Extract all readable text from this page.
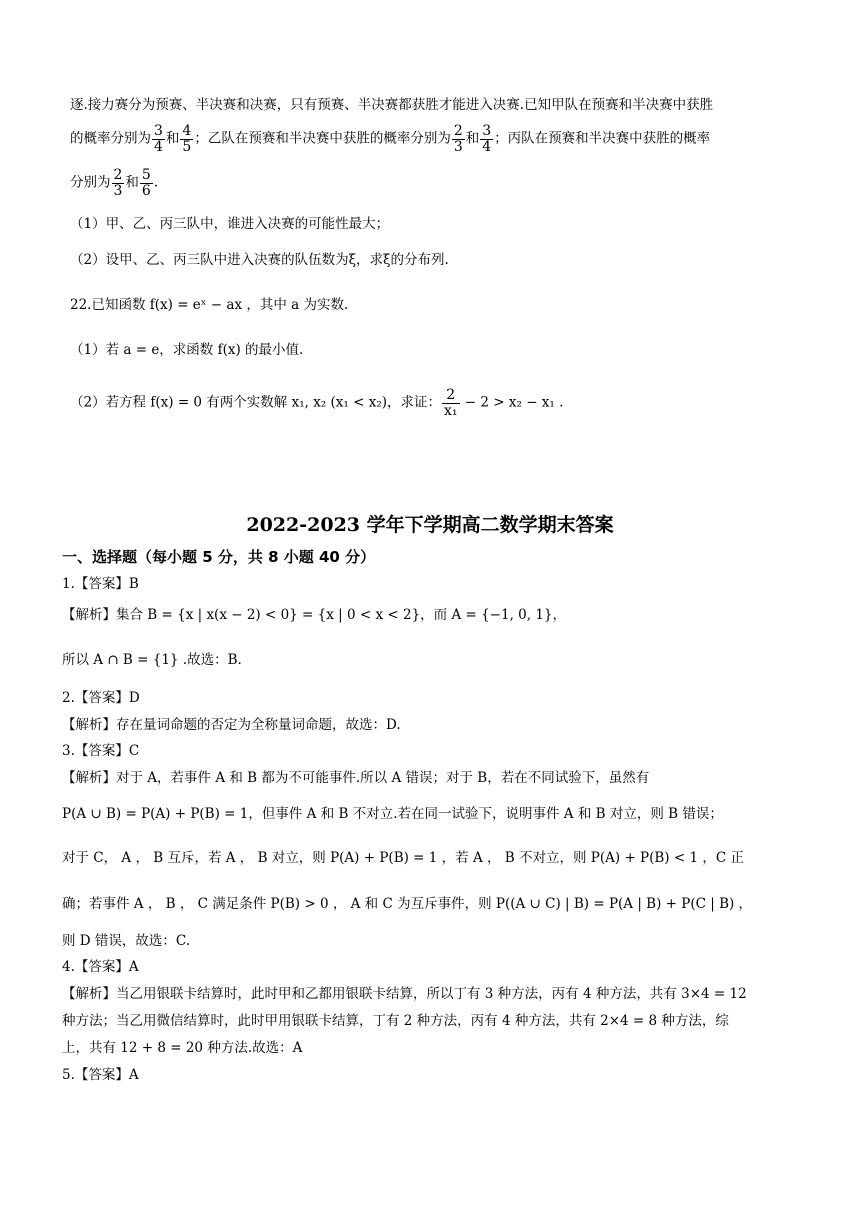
逐.接力赛分为预赛、半决赛和决赛，只有预赛、半决赛都获胜才能进入决赛.已知甲队在预赛和半决赛中获胜
的概率分别为 $\frac{3}{4}$ 和 $\frac{4}{5}$ ；乙队在预赛和半决赛中获胜的概率分别为 $\frac{2}{3}$ 和 $\frac{3}{4}$ ；丙队在预赛和半决赛中获胜的概率
分别为 $\frac{2}{3}$ 和 $\frac{5}{6}$ .
（1）甲、乙、丙三队中，谁进入决赛的可能性最大；
（2）设甲、乙、丙三队中进入决赛的队伍数为ξ，求ξ的分布列.
22.已知函数 f(x) = eˣ − ax ，其中 a 为实数.
（1）若 a = e，求函数 f(x) 的最小值.
（2）若方程 f(x) = 0 有两个实数解 x₁, x₂ (x₁ < x₂)，求证： $\frac{2}{\text{x₁}} - 2 > x_2 - x_1$ .
2022-2023 学年下学期高二数学期末答案
一、选择题（每小题 5 分，共 8 小题 40 分）
1.【答案】B
【解析】集合 B = {x | x(x − 2) < 0} = {x | 0 < x < 2}，而 A = {−1, 0, 1}，
所以 A ∩ B = {1} .故选：B.
2.【答案】D
【解析】存在量词命题的否定为全称量词命题，故选：D.
3.【答案】C
【解析】对于 A，若事件 A 和 B 都为不可能事件.所以 A 错误；对于 B，若在不同试验下，虽然有
P(A ∪ B) = P(A) + P(B) = 1，但事件 A 和 B 不对立.若在同一试验下，说明事件 A 和 B 对立，则 B 错误；
对于 C， A ， B 互斥，若 A ， B 对立，则 P(A) + P(B) = 1 ，若 A ， B 不对立，则 P(A) + P(B) < 1 ，C 正
确；若事件 A ， B ， C 满足条件 P(B) > 0 ， A 和 C 为互斥事件，则 P((A ∪ C) | B) = P(A | B) + P(C | B) ，
则 D 错误，故选：C.
4.【答案】A
【解析】当乙用银联卡结算时，此时甲和乙都用银联卡结算，所以丁有 3 种方法，丙有 4 种方法，共有 3×4 = 12
种方法；当乙用微信结算时，此时甲用银联卡结算，丁有 2 种方法，丙有 4 种方法，共有 2×4 = 8 种方法，综
上，共有 12 + 8 = 20 种方法.故选：A
5.【答案】A
